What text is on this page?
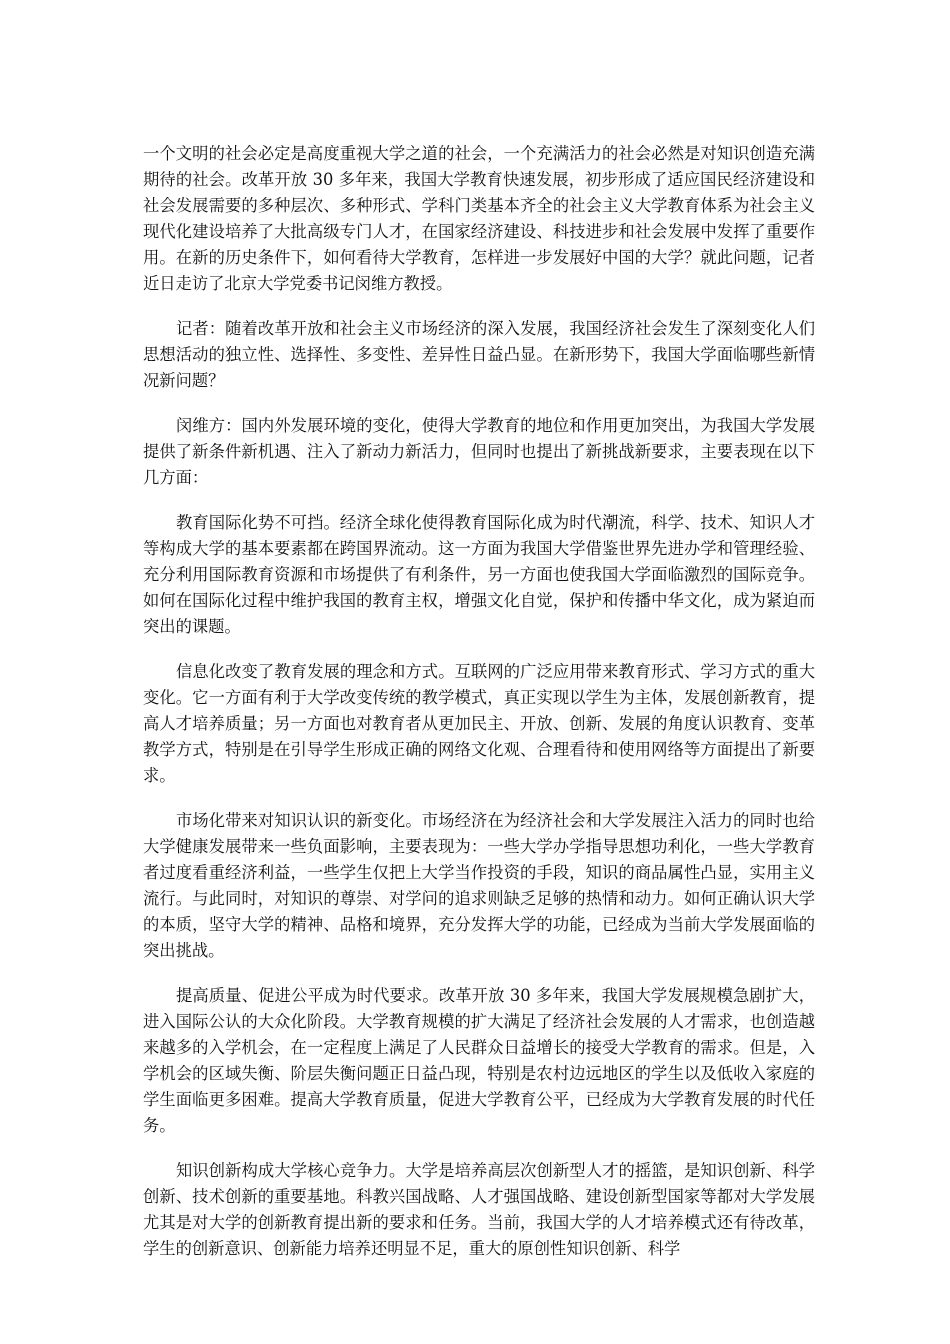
一个文明的社会必定是高度重视大学之道的社会，一个充满活力的社会必然是对知识创造充满期待的社会。改革开放 30 多年来，我国大学教育快速发展，初步形成了适应国民经济建设和社会发展需要的多种层次、多种形式、学科门类基本齐全的社会主义大学教育体系为社会主义现代化建设培养了大批高级专门人才，在国家经济建设、科技进步和社会发展中发挥了重要作用。在新的历史条件下，如何看待大学教育，怎样进一步发展好中国的大学？就此问题，记者近日走访了北京大学党委书记闵维方教授。

记者：随着改革开放和社会主义市场经济的深入发展，我国经济社会发生了深刻变化人们思想活动的独立性、选择性、多变性、差异性日益凸显。在新形势下，我国大学面临哪些新情况新问题？

闵维方：国内外发展环境的变化，使得大学教育的地位和作用更加突出，为我国大学发展提供了新条件新机遇、注入了新动力新活力，但同时也提出了新挑战新要求，主要表现在以下几方面：

教育国际化势不可挡。经济全球化使得教育国际化成为时代潮流，科学、技术、知识人才等构成大学的基本要素都在跨国界流动。这一方面为我国大学借鉴世界先进办学和管理经验、充分利用国际教育资源和市场提供了有利条件，另一方面也使我国大学面临激烈的国际竞争。如何在国际化过程中维护我国的教育主权，增强文化自觉，保护和传播中华文化，成为紧迫而突出的课题。

信息化改变了教育发展的理念和方式。互联网的广泛应用带来教育形式、学习方式的重大变化。它一方面有利于大学改变传统的教学模式，真正实现以学生为主体，发展创新教育，提高人才培养质量；另一方面也对教育者从更加民主、开放、创新、发展的角度认识教育、变革教学方式，特别是在引导学生形成正确的网络文化观、合理看待和使用网络等方面提出了新要求。

市场化带来对知识认识的新变化。市场经济在为经济社会和大学发展注入活力的同时也给大学健康发展带来一些负面影响，主要表现为：一些大学办学指导思想功利化，一些大学教育者过度看重经济利益，一些学生仅把上大学当作投资的手段，知识的商品属性凸显，实用主义流行。与此同时，对知识的尊崇、对学问的追求则缺乏足够的热情和动力。如何正确认识大学的本质，坚守大学的精神、品格和境界，充分发挥大学的功能，已经成为当前大学发展面临的突出挑战。

提高质量、促进公平成为时代要求。改革开放 30 多年来，我国大学发展规模急剧扩大，进入国际公认的大众化阶段。大学教育规模的扩大满足了经济社会发展的人才需求，也创造越来越多的入学机会，在一定程度上满足了人民群众日益增长的接受大学教育的需求。但是，入学机会的区域失衡、阶层失衡问题正日益凸现，特别是农村边远地区的学生以及低收入家庭的学生面临更多困难。提高大学教育质量，促进大学教育公平，已经成为大学教育发展的时代任务。

知识创新构成大学核心竞争力。大学是培养高层次创新型人才的摇篮，是知识创新、科学创新、技术创新的重要基地。科教兴国战略、人才强国战略、建设创新型国家等都对大学发展尤其是对大学的创新教育提出新的要求和任务。当前，我国大学的人才培养模式还有待改革，学生的创新意识、创新能力培养还明显不足，重大的原创性知识创新、科学
